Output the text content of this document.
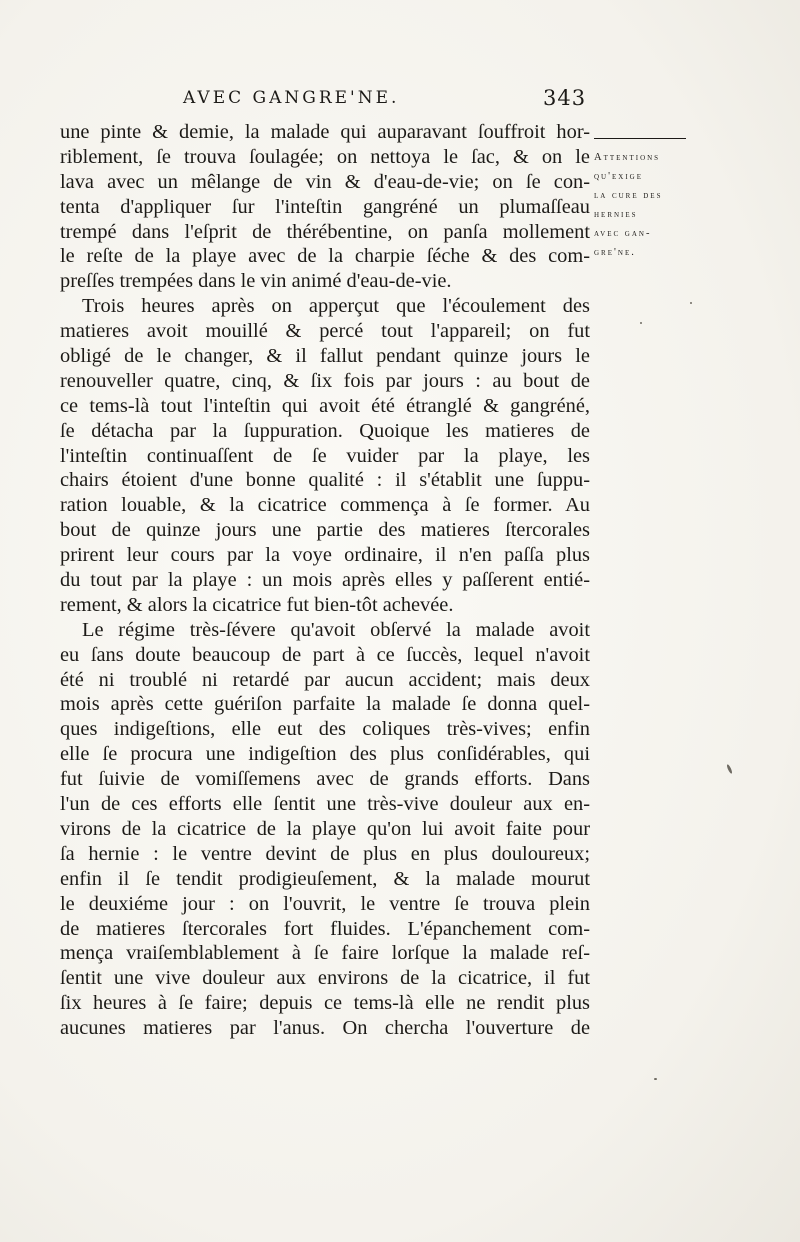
AVEC GANGRE'NE.	343
Attentions
qu'exige
la cure des
hernies
avec gan-
gre'ne.
une pinte & demie, la malade qui auparavant ſouffroit hor-
riblement, ſe trouva ſoulagée; on nettoya le ſac, & on le
lava avec un mêlange de vin & d'eau-de-vie; on ſe con-
tenta d'appliquer ſur l'inteſtin gangréné un plumaſſeau
trempé dans l'eſprit de thérébentine, on panſa mollement
le reſte de la playe avec de la charpie ſéche & des com-
preſſes trempées dans le vin animé d'eau-de-vie.
Trois heures après on apperçut que l'écoulement des
matieres avoit mouillé & percé tout l'appareil; on fut
obligé de le changer, & il fallut pendant quinze jours le
renouveller quatre, cinq, & ſix fois par jours : au bout de
ce tems-là tout l'inteſtin qui avoit été étranglé & gangréné,
ſe détacha par la ſuppuration. Quoique les matieres de
l'inteſtin continuaſſent de ſe vuider par la playe, les
chairs étoient d'une bonne qualité : il s'établit une ſuppu-
ration louable, & la cicatrice commença à ſe former. Au
bout de quinze jours une partie des matieres ſtercorales
prirent leur cours par la voye ordinaire, il n'en paſſa plus
du tout par la playe : un mois après elles y paſſerent entié-
rement, & alors la cicatrice fut bien-tôt achevée.
Le régime très-ſévere qu'avoit obſervé la malade avoit
eu ſans doute beaucoup de part à ce ſuccès, lequel n'avoit
été ni troublé ni retardé par aucun accident; mais deux
mois après cette guériſon parfaite la malade ſe donna quel-
ques indigeſtions, elle eut des coliques très-vives; enfin
elle ſe procura une indigeſtion des plus conſidérables, qui
fut ſuivie de vomiſſemens avec de grands efforts. Dans
l'un de ces efforts elle ſentit une très-vive douleur aux en-
virons de la cicatrice de la playe qu'on lui avoit faite pour
ſa hernie : le ventre devint de plus en plus douloureux;
enfin il ſe tendit prodigieuſement, & la malade mourut
le deuxiéme jour : on l'ouvrit, le ventre ſe trouva plein
de matieres ſtercorales fort fluides. L'épanchement com-
mença vraiſemblablement à ſe faire lorſque la malade reſ-
ſentit une vive douleur aux environs de la cicatrice, il fut
ſix heures à ſe faire; depuis ce tems-là elle ne rendit plus
aucunes matieres par l'anus. On chercha l'ouverture de
